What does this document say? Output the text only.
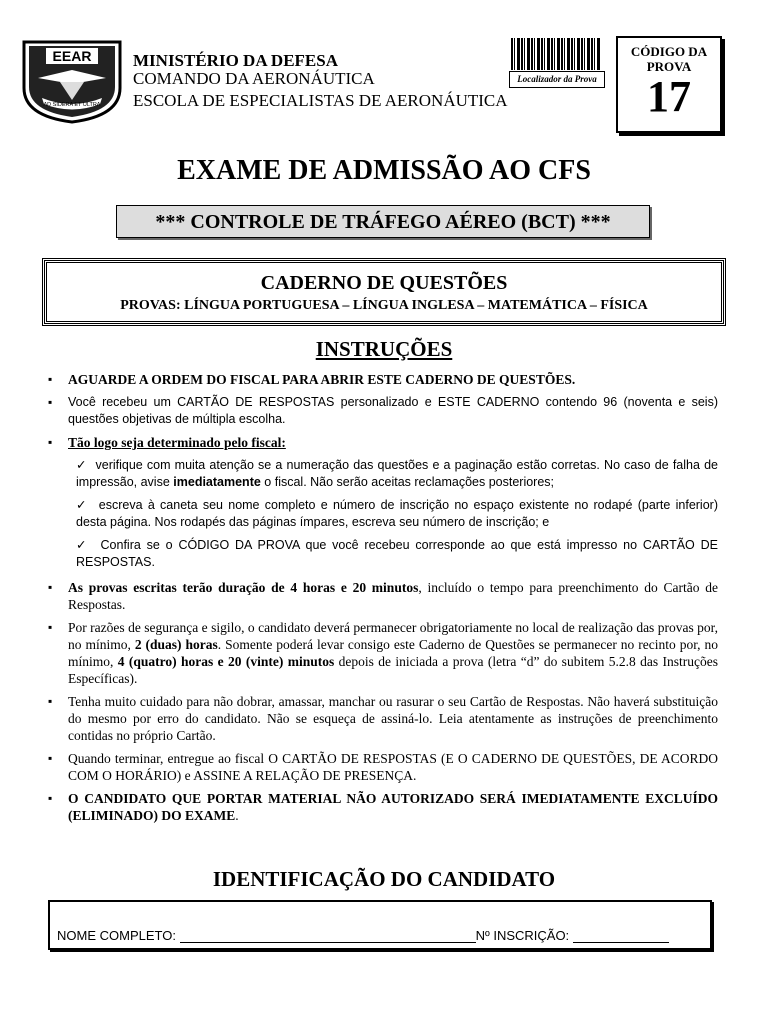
EEAR
AD SIDERA ET ULTRA
MINISTÉRIO DA DEFESA
COMANDO DA AERONÁUTICA
ESCOLA DE ESPECIALISTAS DE AERONÁUTICA
Localizador da Prova
CÓDIGO DA PROVA
17
EXAME DE ADMISSÃO AO CFS
*** CONTROLE DE TRÁFEGO AÉREO (BCT) ***
CADERNO DE QUESTÕES
PROVAS: LÍNGUA PORTUGUESA – LÍNGUA INGLESA – MATEMÁTICA – FÍSICA
INSTRUÇÕES
▪ AGUARDE A ORDEM DO FISCAL PARA ABRIR ESTE CADERNO DE QUESTÕES.
▪ Você recebeu um CARTÃO DE RESPOSTAS personalizado e ESTE CADERNO contendo 96 (noventa e seis) questões objetivas de múltipla escolha.
▪ Tão logo seja determinado pelo fiscal:
✓ verifique com muita atenção se a numeração das questões e a paginação estão corretas. No caso de falha de impressão, avise imediatamente o fiscal. Não serão aceitas reclamações posteriores;
✓ escreva à caneta seu nome completo e número de inscrição no espaço existente no rodapé (parte inferior) desta página. Nos rodapés das páginas ímpares, escreva seu número de inscrição; e
✓ Confira se o CÓDIGO DA PROVA que você recebeu corresponde ao que está impresso no CARTÃO DE RESPOSTAS.
▪ As provas escritas terão duração de 4 horas e 20 minutos, incluído o tempo para preenchimento do Cartão de Respostas.
▪ Por razões de segurança e sigilo, o candidato deverá permanecer obrigatoriamente no local de realização das provas por, no mínimo, 2 (duas) horas. Somente poderá levar consigo este Caderno de Questões se permanecer no recinto por, no mínimo, 4 (quatro) horas e 20 (vinte) minutos depois de iniciada a prova (letra “d” do subitem 5.2.8 das Instruções Específicas).
▪ Tenha muito cuidado para não dobrar, amassar, manchar ou rasurar o seu Cartão de Respostas. Não haverá substituição do mesmo por erro do candidato. Não se esqueça de assiná-lo. Leia atentamente as instruções de preenchimento contidas no próprio Cartão.
▪ Quando terminar, entregue ao fiscal O CARTÃO DE RESPOSTAS (E O CADERNO DE QUESTÕES, DE ACORDO COM O HORÁRIO) e ASSINE A RELAÇÃO DE PRESENÇA.
▪ O CANDIDATO QUE PORTAR MATERIAL NÃO AUTORIZADO SERÁ IMEDIATAMENTE EXCLUÍDO (ELIMINADO) DO EXAME.
IDENTIFICAÇÃO DO CANDIDATO
NOME COMPLETO:	Nº INSCRIÇÃO:
